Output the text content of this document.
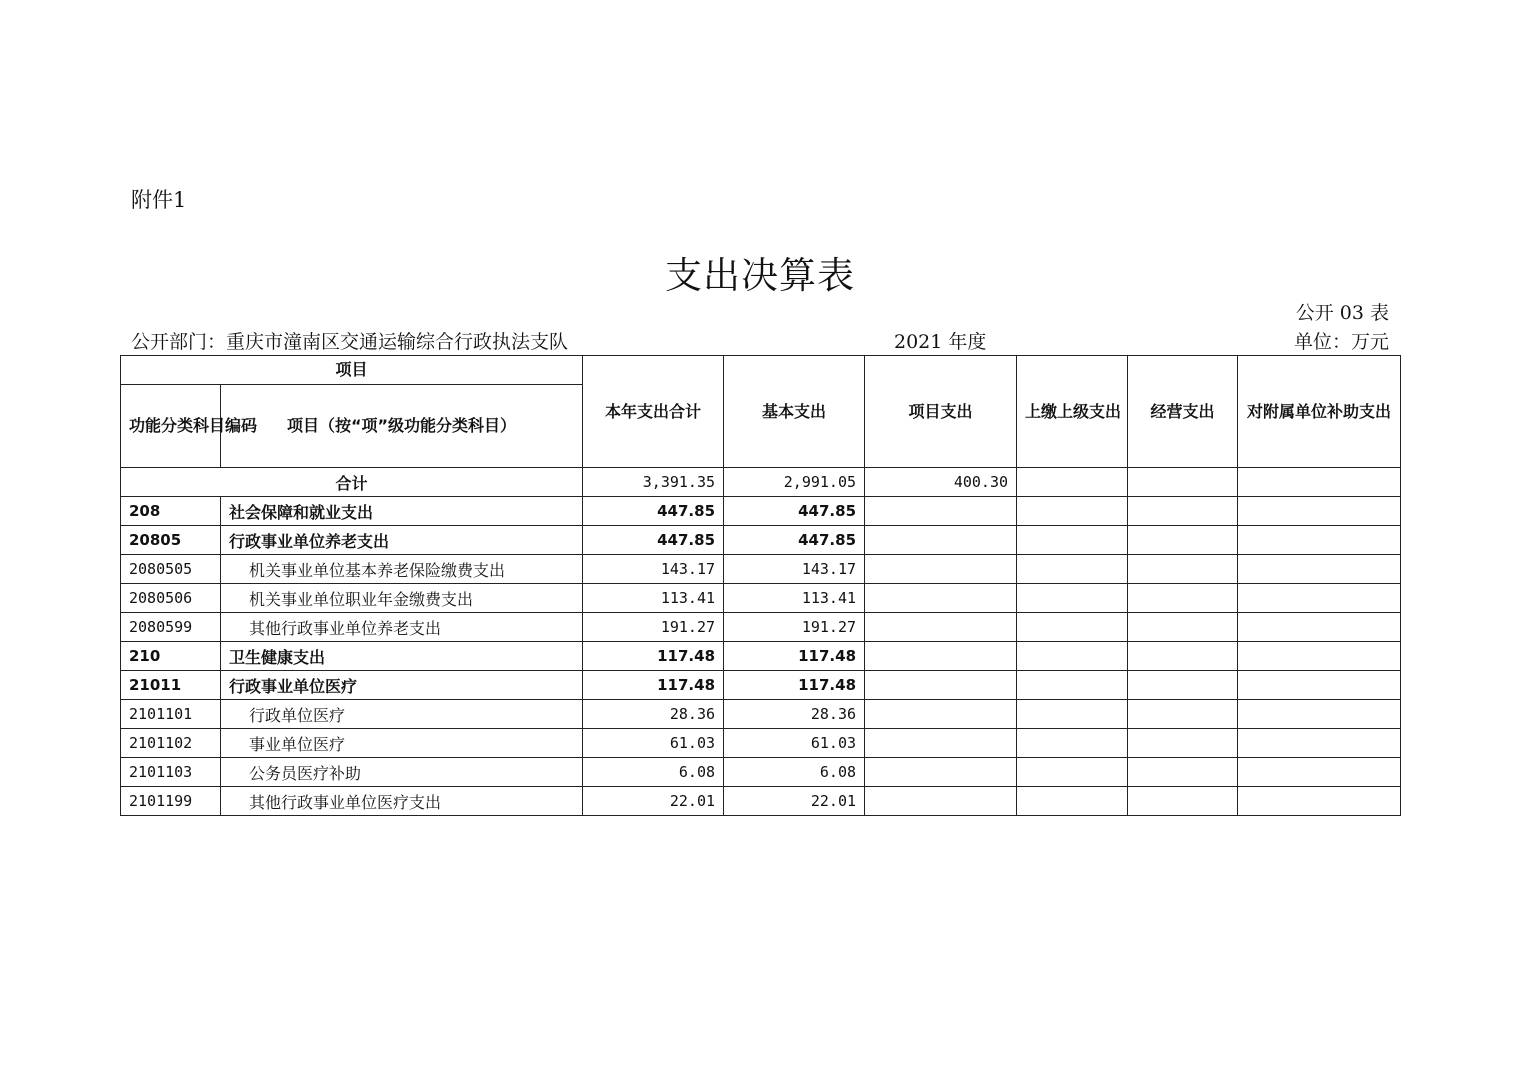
附件1
支出决算表
公开 03 表
公开部门：重庆市潼南区交通运输综合行政执法支队	2021 年度	单位：万元
项目		本年支出合计	基本支出	项目支出	上缴上级支出	经营支出	对附属单位补助支出
功能分类科目编码	项目（按“项”级功能分类科目）						
合计		3,391.35	2,991.05	400.30			
208	社会保障和就业支出	447.85	447.85				
20805	行政事业单位养老支出	447.85	447.85				
2080505	机关事业单位基本养老保险缴费支出	143.17	143.17				
2080506	机关事业单位职业年金缴费支出	113.41	113.41				
2080599	其他行政事业单位养老支出	191.27	191.27				
210	卫生健康支出	117.48	117.48				
21011	行政事业单位医疗	117.48	117.48				
2101101	行政单位医疗	28.36	28.36				
2101102	事业单位医疗	61.03	61.03				
2101103	公务员医疗补助	6.08	6.08				
2101199	其他行政事业单位医疗支出	22.01	22.01				
